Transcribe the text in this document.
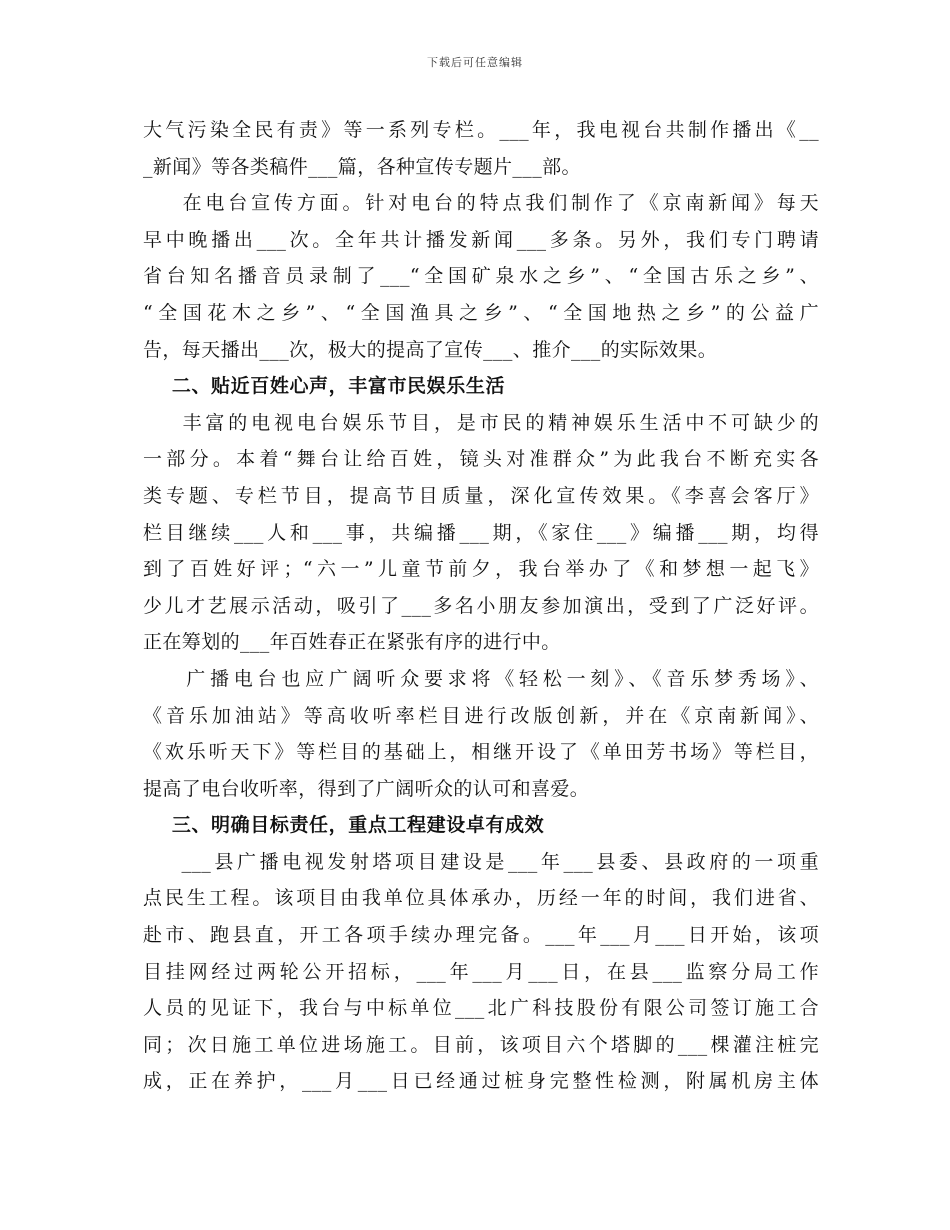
下载后可任意编辑
大气污染全民有责》等一系列专栏。___年，我电视台共制作播出《__
_新闻》等各类稿件___篇，各种宣传专题片___部。
在电台宣传方面。针对电台的特点我们制作了《京南新闻》每天
早中晚播出___次。全年共计播发新闻___多条。另外，我们专门聘请
省台知名播音员录制了___“全国矿泉水之乡”、“全国古乐之乡”、
“全国花木之乡”、“全国渔具之乡”、“全国地热之乡”的公益广
告，每天播出___次，极大的提高了宣传___、推介___的实际效果。
二、贴近百姓心声，丰富市民娱乐生活
丰富的电视电台娱乐节目，是市民的精神娱乐生活中不可缺少的
一部分。本着“舞台让给百姓，镜头对准群众”为此我台不断充实各
类专题、专栏节目，提高节目质量，深化宣传效果。《李喜会客厅》
栏目继续___人和___事，共编播___期，《家住___》编播___期，均得
到了百姓好评；“六一”儿童节前夕，我台举办了《和梦想一起飞》
少儿才艺展示活动，吸引了___多名小朋友参加演出，受到了广泛好评。
正在筹划的___年百姓春正在紧张有序的进行中。
广播电台也应广阔听众要求将《轻松一刻》、《音乐梦秀场》、
《音乐加油站》等高收听率栏目进行改版创新，并在《京南新闻》、
《欢乐听天下》等栏目的基础上，相继开设了《单田芳书场》等栏目，
提高了电台收听率，得到了广阔听众的认可和喜爱。
三、明确目标责任，重点工程建设卓有成效
___县广播电视发射塔项目建设是___年___县委、县政府的一项重
点民生工程。该项目由我单位具体承办，历经一年的时间，我们进省、
赴市、跑县直，开工各项手续办理完备。___年___月___日开始，该项
目挂网经过两轮公开招标，___年___月___日，在县___监察分局工作
人员的见证下，我台与中标单位___北广科技股份有限公司签订施工合
同；次日施工单位进场施工。目前，该项目六个塔脚的___棵灌注桩完
成，正在养护，___月___日已经通过桩身完整性检测，附属机房主体
